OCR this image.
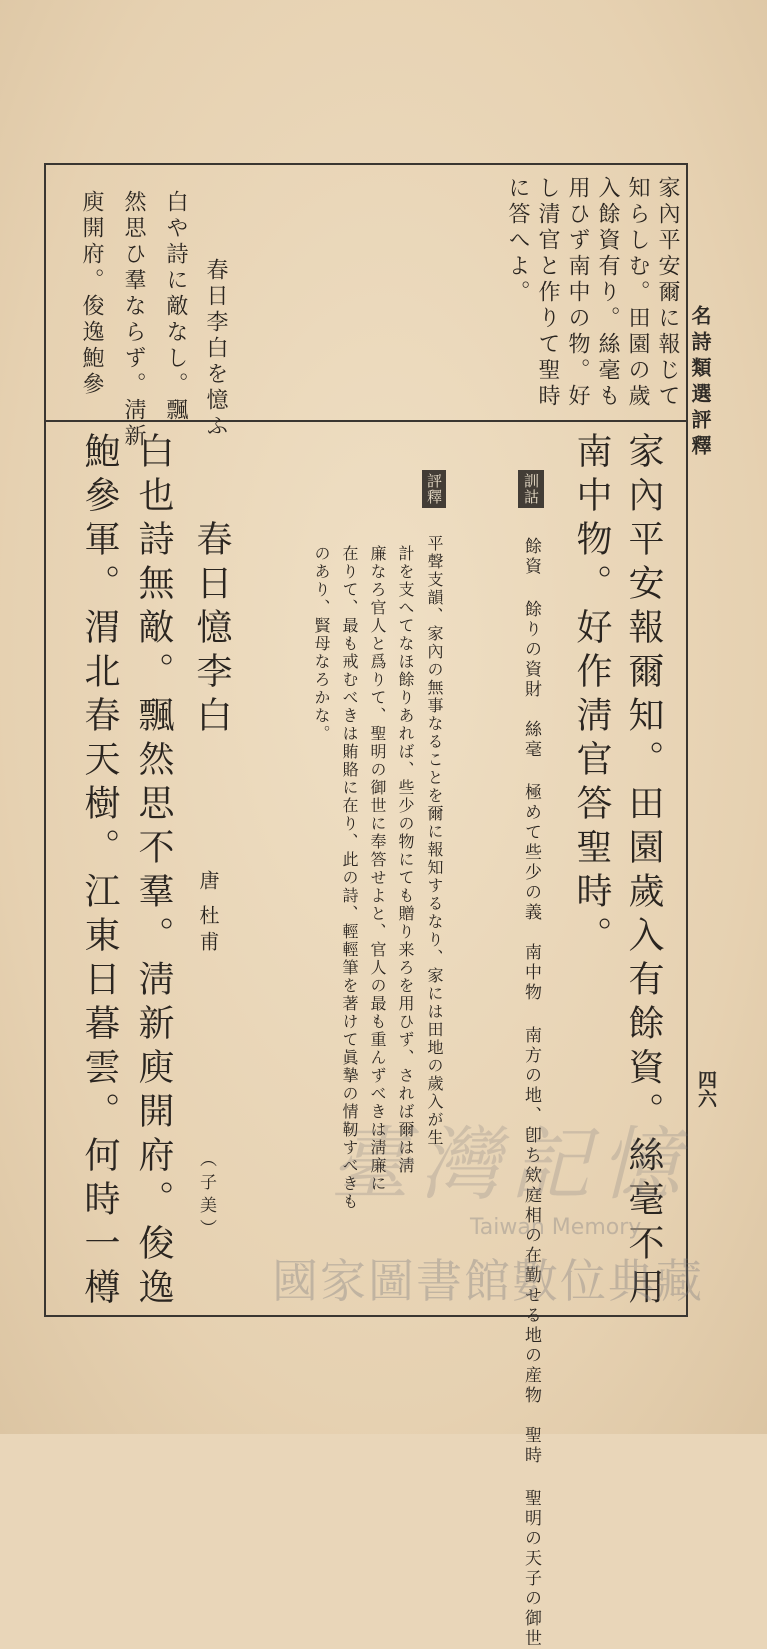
名詩類選評釋
四六
家內平安爾に報じて
知らしむ。田園の歲
入餘資有り。絲毫も
用ひず南中の物。好
し清官と作りて聖時
に答へよ。
春日李白を憶ふ
白や詩に敵なし。飄
然思ひ羣ならず。淸新
庾開府。俊逸鮑參
家內平安報爾知。田園歲入有餘資。絲毫不用
南中物。好作淸官答聖時。
訓詁 餘資 餘りの資財　絲毫 極めて些少の義　南中物 南方の地、卽ち欸庭相の在勤せる地の産物　聖時 聖明の天子の御世
評釋 平聲支韻、家內の無事なることを爾に報知するなり、家には田地の歲入が生
計を支へてなほ餘りあれば、些少の物にても贈り来ろを用ひず、されば爾は淸
廉なろ官人と爲りて、聖明の御世に奉答せよと、官人の最も重んずべきは淸廉に
在りて、最も戒むべきは賄賂に在り、此の詩、輕輕筆を著けて眞摯の情靭すべきも
のあり、賢母なろかな。
春日憶李白
唐
杜甫
（子美）
白也詩無敵。飄然思不羣。淸新庾開府。俊逸
鮑參軍。渭北春天樹。江東日暮雲。何時一樽	臺灣記憶
Taiwan Memory
國家圖書館數位典藏
